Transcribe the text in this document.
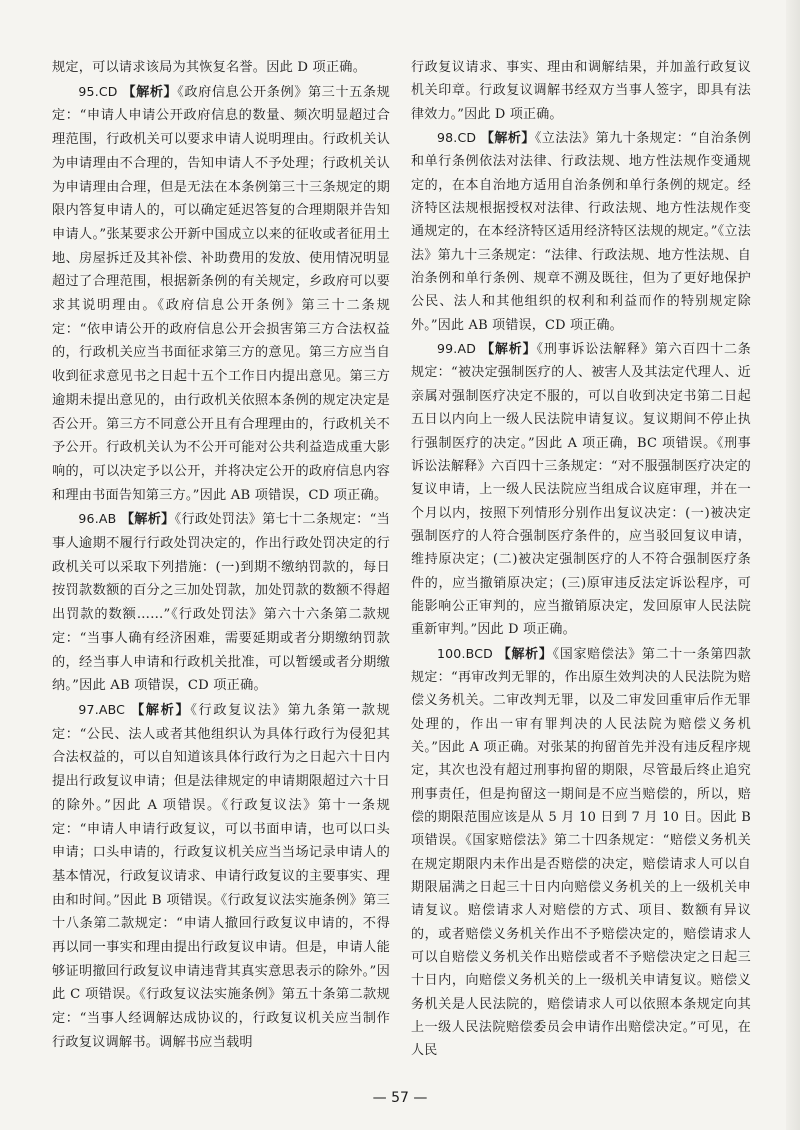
规定，可以请求该局为其恢复名誉。因此 D 项正确。

95.CD 【解析】《政府信息公开条例》第三十五条规定：“申请人申请公开政府信息的数量、频次明显超过合理范围，行政机关可以要求申请人说明理由。行政机关认为申请理由不合理的，告知申请人不予处理；行政机关认为申请理由合理，但是无法在本条例第三十三条规定的期限内答复申请人的，可以确定延迟答复的合理期限并告知申请人。”张某要求公开新中国成立以来的征收或者征用土地、房屋拆迁及其补偿、补助费用的发放、使用情况明显超过了合理范围，根据新条例的有关规定，乡政府可以要求其说明理由。《政府信息公开条例》第三十二条规定：“依申请公开的政府信息公开会损害第三方合法权益的，行政机关应当书面征求第三方的意见。第三方应当自收到征求意见书之日起十五个工作日内提出意见。第三方逾期未提出意见的，由行政机关依照本条例的规定决定是否公开。第三方不同意公开且有合理理由的，行政机关不予公开。行政机关认为不公开可能对公共利益造成重大影响的，可以决定予以公开，并将决定公开的政府信息内容和理由书面告知第三方。”因此 AB 项错误，CD 项正确。

96.AB 【解析】《行政处罚法》第七十二条规定：“当事人逾期不履行行政处罚决定的，作出行政处罚决定的行政机关可以采取下列措施：(一)到期不缴纳罚款的，每日按罚款数额的百分之三加处罚款，加处罚款的数额不得超出罚款的数额……”《行政处罚法》第六十六条第二款规定：“当事人确有经济困难，需要延期或者分期缴纳罚款的，经当事人申请和行政机关批准，可以暂缓或者分期缴纳。”因此 AB 项错误，CD 项正确。

97.ABC 【解析】《行政复议法》第九条第一款规定：“公民、法人或者其他组织认为具体行政行为侵犯其合法权益的，可以自知道该具体行政行为之日起六十日内提出行政复议申请；但是法律规定的申请期限超过六十日的除外。”因此 A 项错误。《行政复议法》第十一条规定：“申请人申请行政复议，可以书面申请，也可以口头申请；口头申请的，行政复议机关应当当场记录申请人的基本情况，行政复议请求、申请行政复议的主要事实、理由和时间。”因此 B 项错误。《行政复议法实施条例》第三十八条第二款规定：“申请人撤回行政复议申请的，不得再以同一事实和理由提出行政复议申请。但是，申请人能够证明撤回行政复议申请违背其真实意思表示的除外。”因此 C 项错误。《行政复议法实施条例》第五十条第二款规定：“当事人经调解达成协议的，行政复议机关应当制作行政复议调解书。调解书应当载明

行政复议请求、事实、理由和调解结果，并加盖行政复议机关印章。行政复议调解书经双方当事人签字，即具有法律效力。”因此 D 项正确。

98.CD 【解析】《立法法》第九十条规定：“自治条例和单行条例依法对法律、行政法规、地方性法规作变通规定的，在本自治地方适用自治条例和单行条例的规定。经济特区法规根据授权对法律、行政法规、地方性法规作变通规定的，在本经济特区适用经济特区法规的规定。”《立法法》第九十三条规定：“法律、行政法规、地方性法规、自治条例和单行条例、规章不溯及既往，但为了更好地保护公民、法人和其他组织的权利和利益而作的特别规定除外。”因此 AB 项错误，CD 项正确。

99.AD 【解析】《刑事诉讼法解释》第六百四十二条规定：“被决定强制医疗的人、被害人及其法定代理人、近亲属对强制医疗决定不服的，可以自收到决定书第二日起五日以内向上一级人民法院申请复议。复议期间不停止执行强制医疗的决定。”因此 A 项正确，BC 项错误。《刑事诉讼法解释》六百四十三条规定：“对不服强制医疗决定的复议申请，上一级人民法院应当组成合议庭审理，并在一个月以内，按照下列情形分别作出复议决定：(一)被决定强制医疗的人符合强制医疗条件的，应当驳回复议申请，维持原决定；(二)被决定强制医疗的人不符合强制医疗条件的，应当撤销原决定；(三)原审违反法定诉讼程序，可能影响公正审判的，应当撤销原决定，发回原审人民法院重新审判。”因此 D 项正确。

100.BCD 【解析】《国家赔偿法》第二十一条第四款规定：“再审改判无罪的，作出原生效判决的人民法院为赔偿义务机关。二审改判无罪，以及二审发回重审后作无罪处理的，作出一审有罪判决的人民法院为赔偿义务机关。”因此 A 项正确。对张某的拘留首先并没有违反程序规定，其次也没有超过刑事拘留的期限，尽管最后终止追究刑事责任，但是拘留这一期间是不应当赔偿的，所以，赔偿的期限范围应该是从 5 月 10 日到 7 月 10 日。因此 B 项错误。《国家赔偿法》第二十四条规定：“赔偿义务机关在规定期限内未作出是否赔偿的决定，赔偿请求人可以自期限届满之日起三十日内向赔偿义务机关的上一级机关申请复议。赔偿请求人对赔偿的方式、项目、数额有异议的，或者赔偿义务机关作出不予赔偿决定的，赔偿请求人可以自赔偿义务机关作出赔偿或者不予赔偿决定之日起三十日内，向赔偿义务机关的上一级机关申请复议。赔偿义务机关是人民法院的，赔偿请求人可以依照本条规定向其上一级人民法院赔偿委员会申请作出赔偿决定。”可见，在人民

— 57 —
